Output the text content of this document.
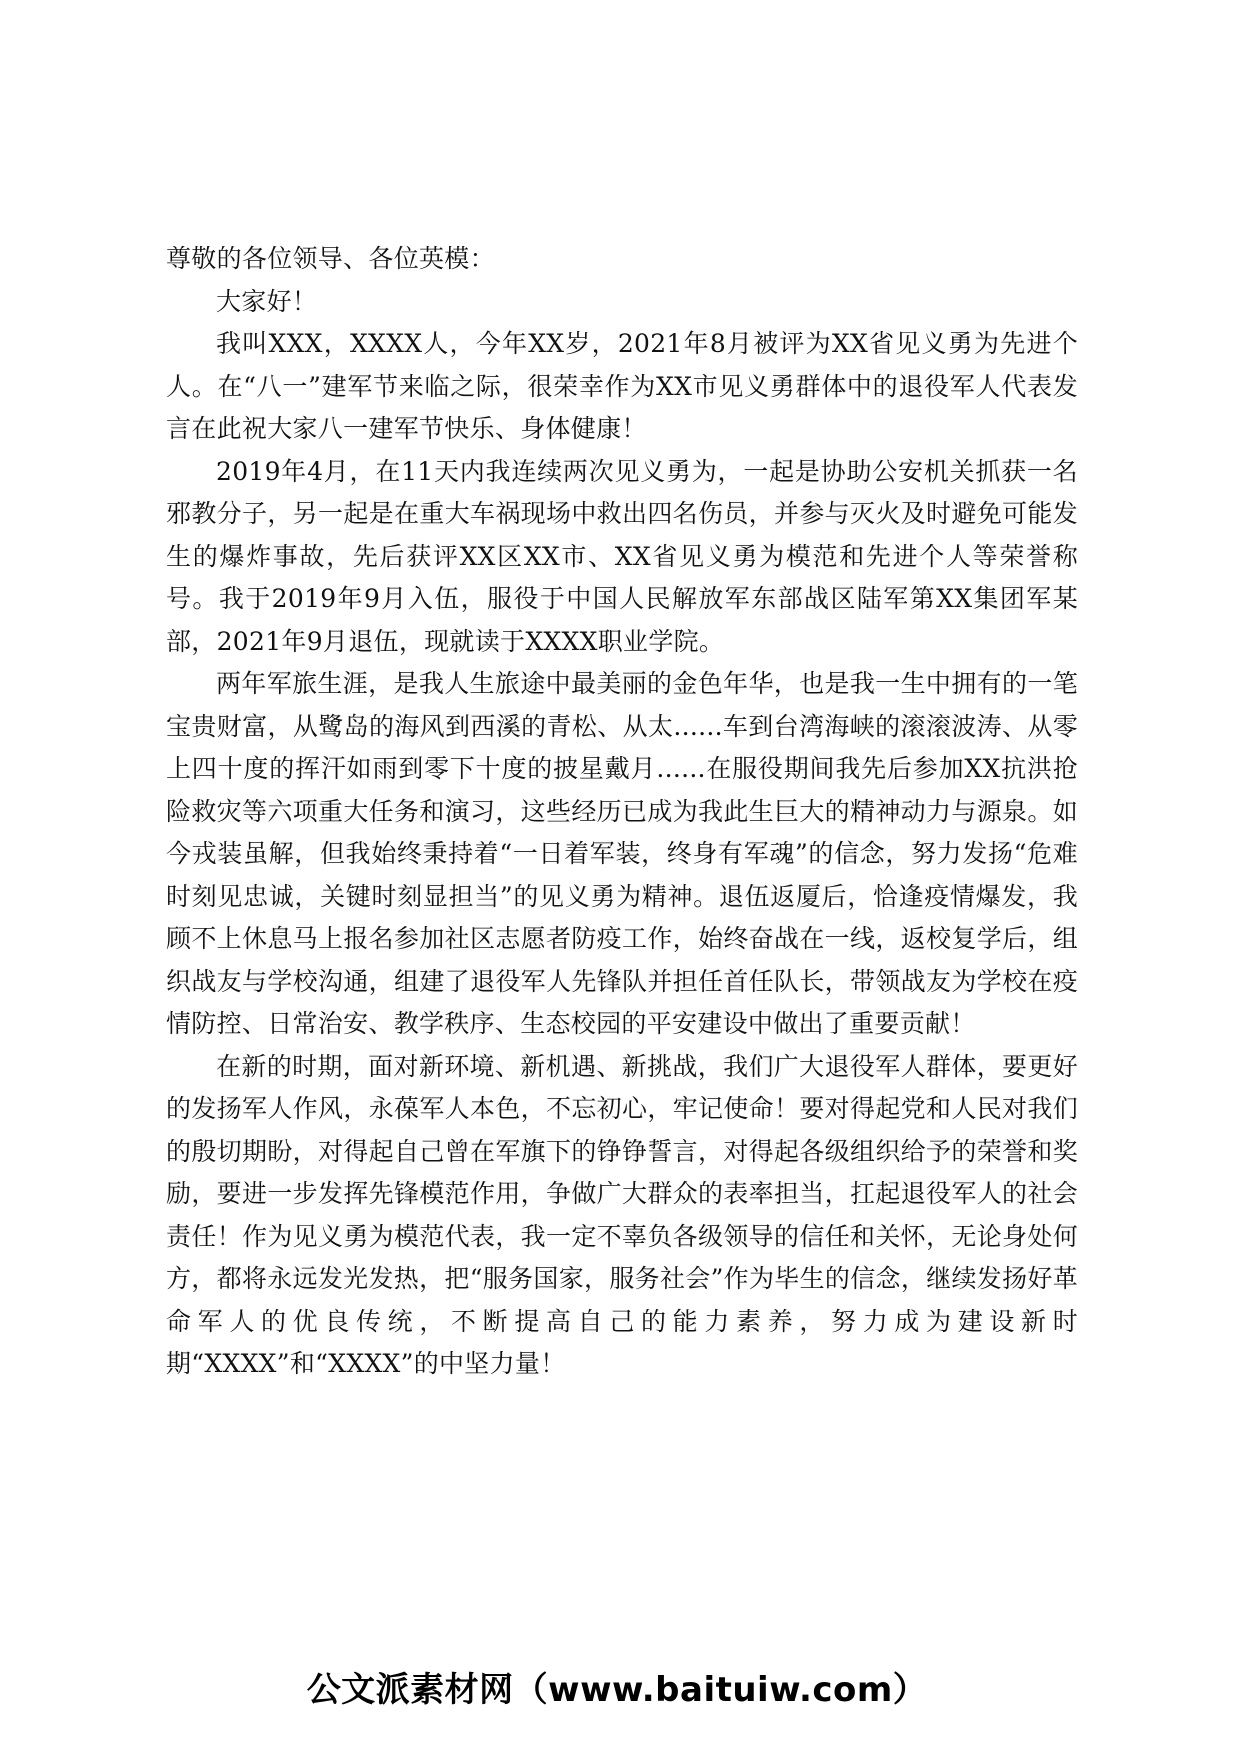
尊敬的各位领导、各位英模：

大家好！

我叫XXX，XXXX人，今年XX岁，2021年8月被评为XX省见义勇为先进个人。在“八一”建军节来临之际，很荣幸作为XX市见义勇群体中的退役军人代表发言在此祝大家八一建军节快乐、身体健康！

2019年4月，在11天内我连续两次见义勇为，一起是协助公安机关抓获一名邪教分子，另一起是在重大车祸现场中救出四名伤员，并参与灭火及时避免可能发生的爆炸事故，先后获评XX区XX市、XX省见义勇为模范和先进个人等荣誉称号。我于2019年9月入伍，服役于中国人民解放军东部战区陆军第XX集团军某部，2021年9月退伍，现就读于XXXX职业学院。

两年军旅生涯，是我人生旅途中最美丽的金色年华，也是我一生中拥有的一笔宝贵财富，从鹭岛的海风到西溪的青松、从太......车到台湾海峡的滚滚波涛、从零上四十度的挥汗如雨到零下十度的披星戴月......在服役期间我先后参加XX抗洪抢险救灾等六项重大任务和演习，这些经历已成为我此生巨大的精神动力与源泉。如今戎装虽解，但我始终秉持着“一日着军装，终身有军魂”的信念，努力发扬“危难时刻见忠诚，关键时刻显担当”的见义勇为精神。退伍返厦后，恰逢疫情爆发，我顾不上休息马上报名参加社区志愿者防疫工作，始终奋战在一线，返校复学后，组织战友与学校沟通，组建了退役军人先锋队并担任首任队长，带领战友为学校在疫情防控、日常治安、教学秩序、生态校园的平安建设中做出了重要贡献！

在新的时期，面对新环境、新机遇、新挑战，我们广大退役军人群体，要更好的发扬军人作风，永葆军人本色，不忘初心，牢记使命！要对得起党和人民对我们的殷切期盼，对得起自己曾在军旗下的铮铮誓言，对得起各级组织给予的荣誉和奖励，要进一步发挥先锋模范作用，争做广大群众的表率担当，扛起退役军人的社会责任！作为见义勇为模范代表，我一定不辜负各级领导的信任和关怀，无论身处何方，都将永远发光发热，把“服务国家，服务社会”作为毕生的信念，继续发扬好革命军人的优良传统，不断提高自己的能力素养，努力成为建设新时期“XXXX”和“XXXX”的中坚力量！

公文派素材网（www.baituiw.com）
